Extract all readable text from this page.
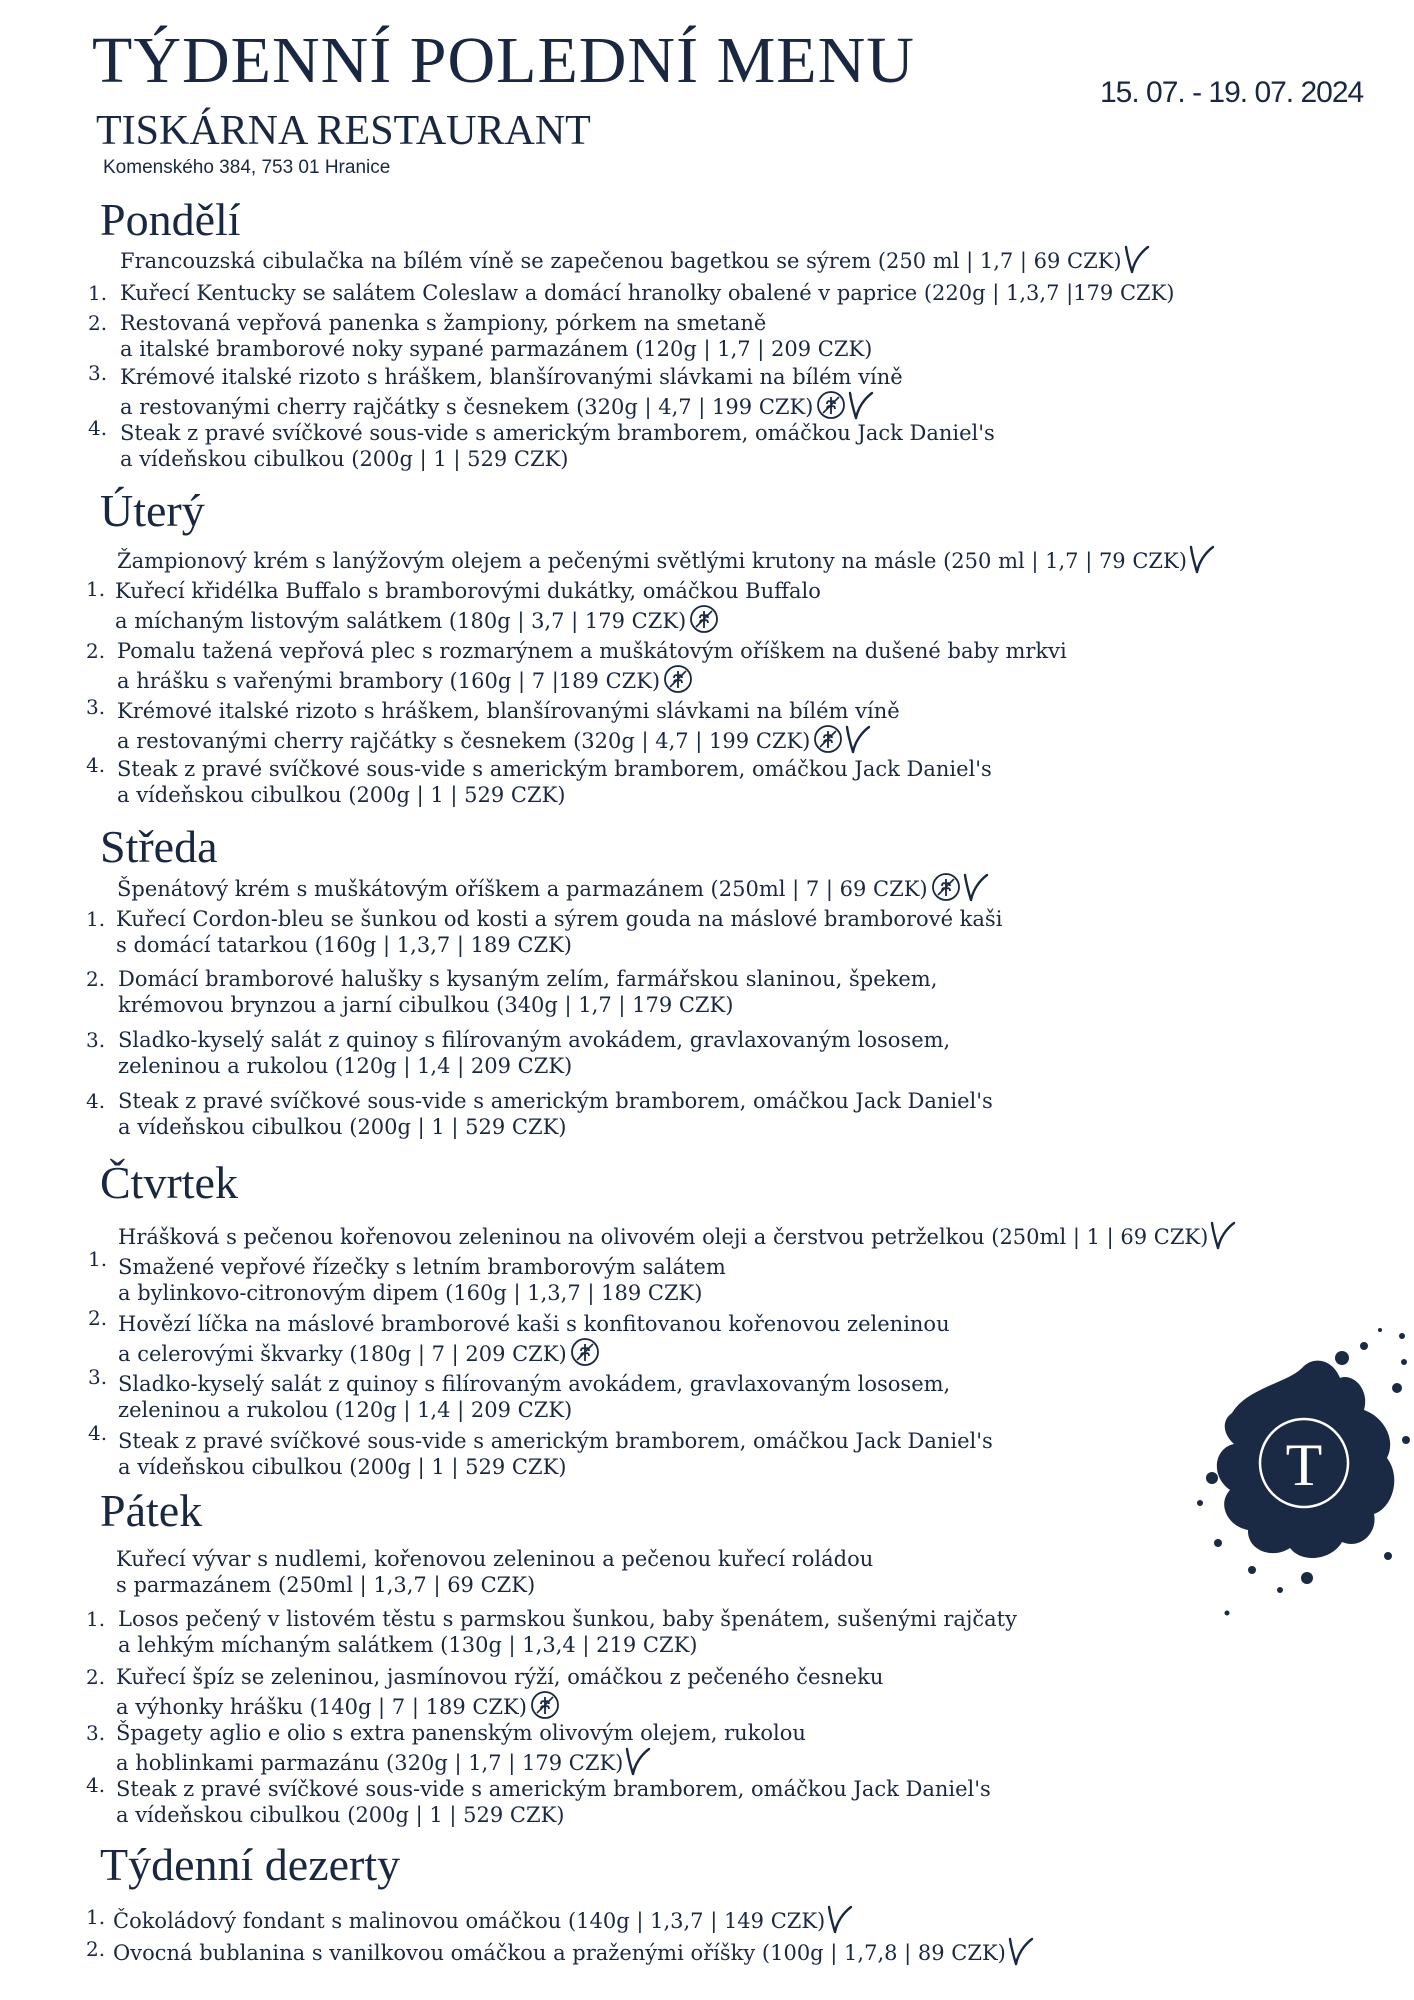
TÝDENNÍ POLEDNÍ MENU	15. 07. - 19. 07. 2024
TISKÁRNA RESTAURANT
Komenského 384, 753 01 Hranice
Pondělí
Francouzská cibulačka na bílém víně se zapečenou bagetkou se sýrem (250 ml | 1,7 | 69 CZK)
1. Kuřecí Kentucky se salátem Coleslaw a domácí hranolky obalené v paprice (220g | 1,3,7 |179 CZK)
2. Restovaná vepřová panenka s žampiony, pórkem na smetaně
a italské bramborové noky sypané parmazánem (120g | 1,7 | 209 CZK)
3. Krémové italské rizoto s hráškem, blanšírovanými slávkami na bílém víně
a restovanými cherry rajčátky s česnekem (320g | 4,7 | 199 CZK)
4. Steak z pravé svíčkové sous-vide s americkým bramborem, omáčkou Jack Daniel's
a vídeňskou cibulkou (200g | 1 | 529 CZK)
Úterý
Žampionový krém s lanýžovým olejem a pečenými světlými krutony na másle (250 ml | 1,7 | 79 CZK)
1. Kuřecí křidélka Buffalo s bramborovými dukátky, omáčkou Buffalo
a míchaným listovým salátkem (180g | 3,7 | 179 CZK)
2. Pomalu tažená vepřová plec s rozmarýnem a muškátovým oříškem na dušené baby mrkvi
a hrášku s vařenými brambory (160g | 7 |189 CZK)
3. Krémové italské rizoto s hráškem, blanšírovanými slávkami na bílém víně
a restovanými cherry rajčátky s česnekem (320g | 4,7 | 199 CZK)
4. Steak z pravé svíčkové sous-vide s americkým bramborem, omáčkou Jack Daniel's
a vídeňskou cibulkou (200g | 1 | 529 CZK)
Středa
Špenátový krém s muškátovým oříškem a parmazánem (250ml | 7 | 69 CZK)
1. Kuřecí Cordon-bleu se šunkou od kosti a sýrem gouda na máslové bramborové kaši
s domácí tatarkou (160g | 1,3,7 | 189 CZK)
2. Domácí bramborové halušky s kysaným zelím, farmářskou slaninou, špekem,
krémovou brynzou a jarní cibulkou (340g | 1,7 | 179 CZK)
3. Sladko-kyselý salát z quinoy s filírovaným avokádem, gravlaxovaným lososem,
zeleninou a rukolou (120g | 1,4 | 209 CZK)
4. Steak z pravé svíčkové sous-vide s americkým bramborem, omáčkou Jack Daniel's
a vídeňskou cibulkou (200g | 1 | 529 CZK)
Čtvrtek
Hrášková s pečenou kořenovou zeleninou na olivovém oleji a čerstvou petrželkou (250ml | 1 | 69 CZK)
1. Smažené vepřové řízečky s letním bramborovým salátem
a bylinkovo-citronovým dipem (160g | 1,3,7 | 189 CZK)
2. Hovězí líčka na máslové bramborové kaši s konfitovanou kořenovou zeleninou
a celerovými škvarky (180g | 7 | 209 CZK)
3. Sladko-kyselý salát z quinoy s filírovaným avokádem, gravlaxovaným lososem,
zeleninou a rukolou (120g | 1,4 | 209 CZK)
4. Steak z pravé svíčkové sous-vide s americkým bramborem, omáčkou Jack Daniel's
a vídeňskou cibulkou (200g | 1 | 529 CZK)
Pátek
Kuřecí vývar s nudlemi, kořenovou zeleninou a pečenou kuřecí roládou
s parmazánem (250ml | 1,3,7 | 69 CZK)
1. Losos pečený v listovém těstu s parmskou šunkou, baby špenátem, sušenými rajčaty
a lehkým míchaným salátkem (130g | 1,3,4 | 219 CZK)
2. Kuřecí špíz se zeleninou, jasmínovou rýží, omáčkou z pečeného česneku
a výhonky hrášku (140g | 7 | 189 CZK)
3. Špagety aglio e olio s extra panenským olivovým olejem, rukolou
a hoblinkami parmazánu (320g | 1,7 | 179 CZK)
4. Steak z pravé svíčkové sous-vide s americkým bramborem, omáčkou Jack Daniel's
a vídeňskou cibulkou (200g | 1 | 529 CZK)
Týdenní dezerty
1. Čokoládový fondant s malinovou omáčkou (140g | 1,3,7 | 149 CZK)
2. Ovocná bublanina s vanilkovou omáčkou a praženými oříšky (100g | 1,7,8 | 89 CZK)
T
